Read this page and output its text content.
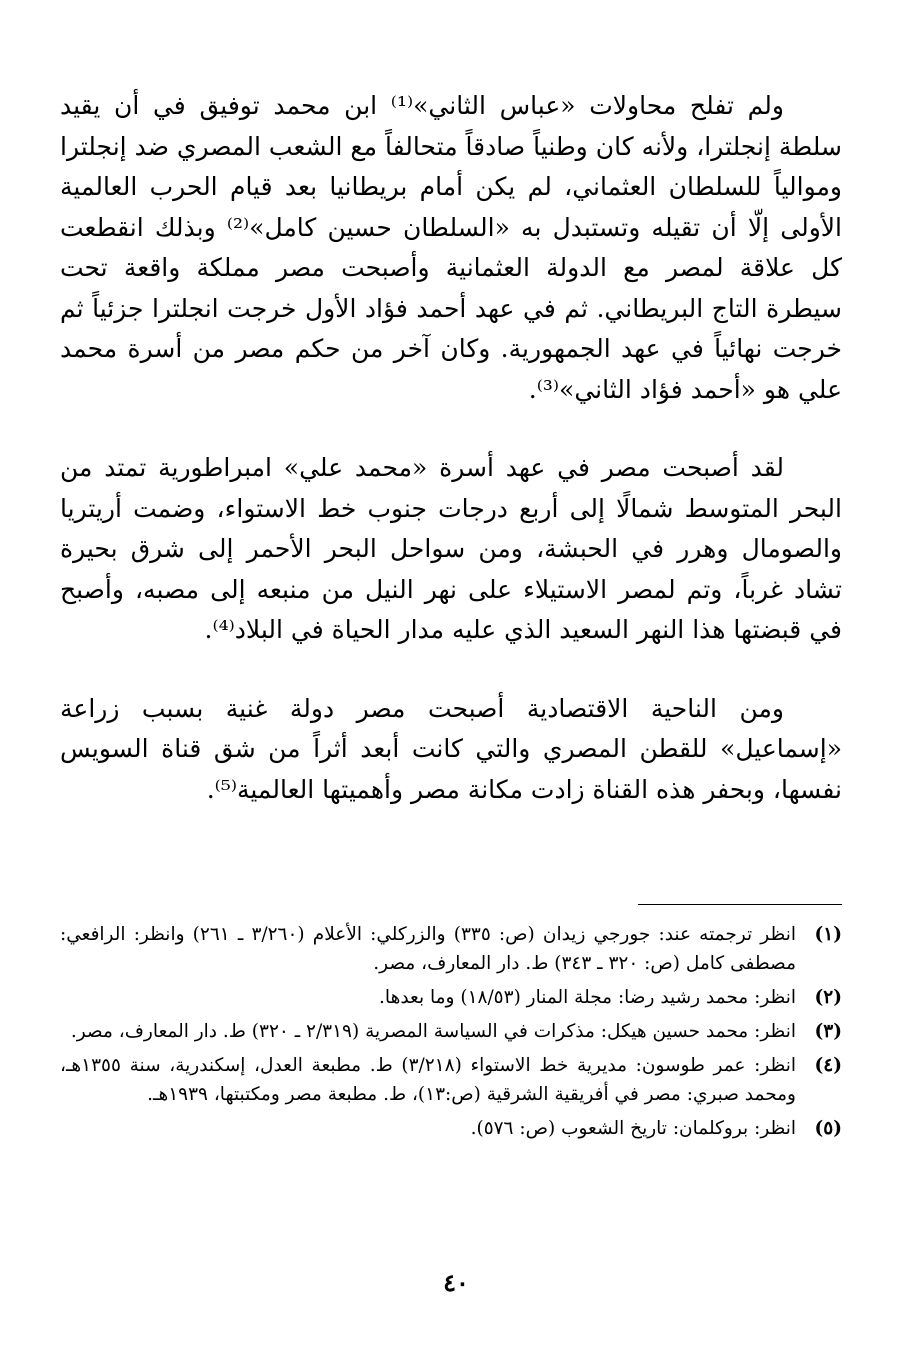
ولم تفلح محاولات «عباس الثاني»⁽¹⁾ ابن محمد توفيق في أن يقيد سلطة إنجلترا، ولأنه كان وطنياً صادقاً متحالفاً مع الشعب المصري ضد إنجلترا وموالياً للسلطان العثماني، لم يكن أمام بريطانيا بعد قيام الحرب العالمية الأولى إلّا أن تقيله وتستبدل به «السلطان حسين كامل»⁽²⁾ وبذلك انقطعت كل علاقة لمصر مع الدولة العثمانية وأصبحت مصر مملكة واقعة تحت سيطرة التاج البريطاني. ثم في عهد أحمد فؤاد الأول خرجت انجلترا جزئياً ثم خرجت نهائياً في عهد الجمهورية. وكان آخر من حكم مصر من أسرة محمد علي هو «أحمد فؤاد الثاني»⁽³⁾.

لقد أصبحت مصر في عهد أسرة «محمد علي» امبراطورية تمتد من البحر المتوسط شمالًا إلى أربع درجات جنوب خط الاستواء، وضمت أريتريا والصومال وهرر في الحبشة، ومن سواحل البحر الأحمر إلى شرق بحيرة تشاد غرباً، وتم لمصر الاستيلاء على نهر النيل من منبعه إلى مصبه، وأصبح في قبضتها هذا النهر السعيد الذي عليه مدار الحياة في البلاد⁽⁴⁾.

ومن الناحية الاقتصادية أصبحت مصر دولة غنية بسبب زراعة «إسماعيل» للقطن المصري والتي كانت أبعد أثراً من شق قناة السويس نفسها، وبحفر هذه القناة زادت مكانة مصر وأهميتها العالمية⁽⁵⁾.

(١)
انظر ترجمته عند: جورجي زيدان (ص: ٣٣٥) والزركلي: الأعلام (٣/٢٦٠ ـ ٢٦١) وانظر: الرافعي: مصطفى كامل (ص: ٣٢٠ ـ ٣٤٣) ط. دار المعارف، مصر.
(٢)
انظر: محمد رشيد رضا: مجلة المنار (١٨/٥٣) وما بعدها.
(٣)
انظر: محمد حسين هيكل: مذكرات في السياسة المصرية (٢/٣١٩ ـ ٣٢٠) ط. دار المعارف، مصر.
(٤)
انظر: عمر طوسون: مديرية خط الاستواء (٣/٢١٨) ط. مطبعة العدل، إسكندرية، سنة ١٣٥٥هـ، ومحمد صبري: مصر في أفريقية الشرقية (ص:١٣)، ط. مطبعة مصر ومكتبتها، ١٩٣٩هـ.
(٥)
انظر: بروكلمان: تاريخ الشعوب (ص: ٥٧٦).
٤٠
